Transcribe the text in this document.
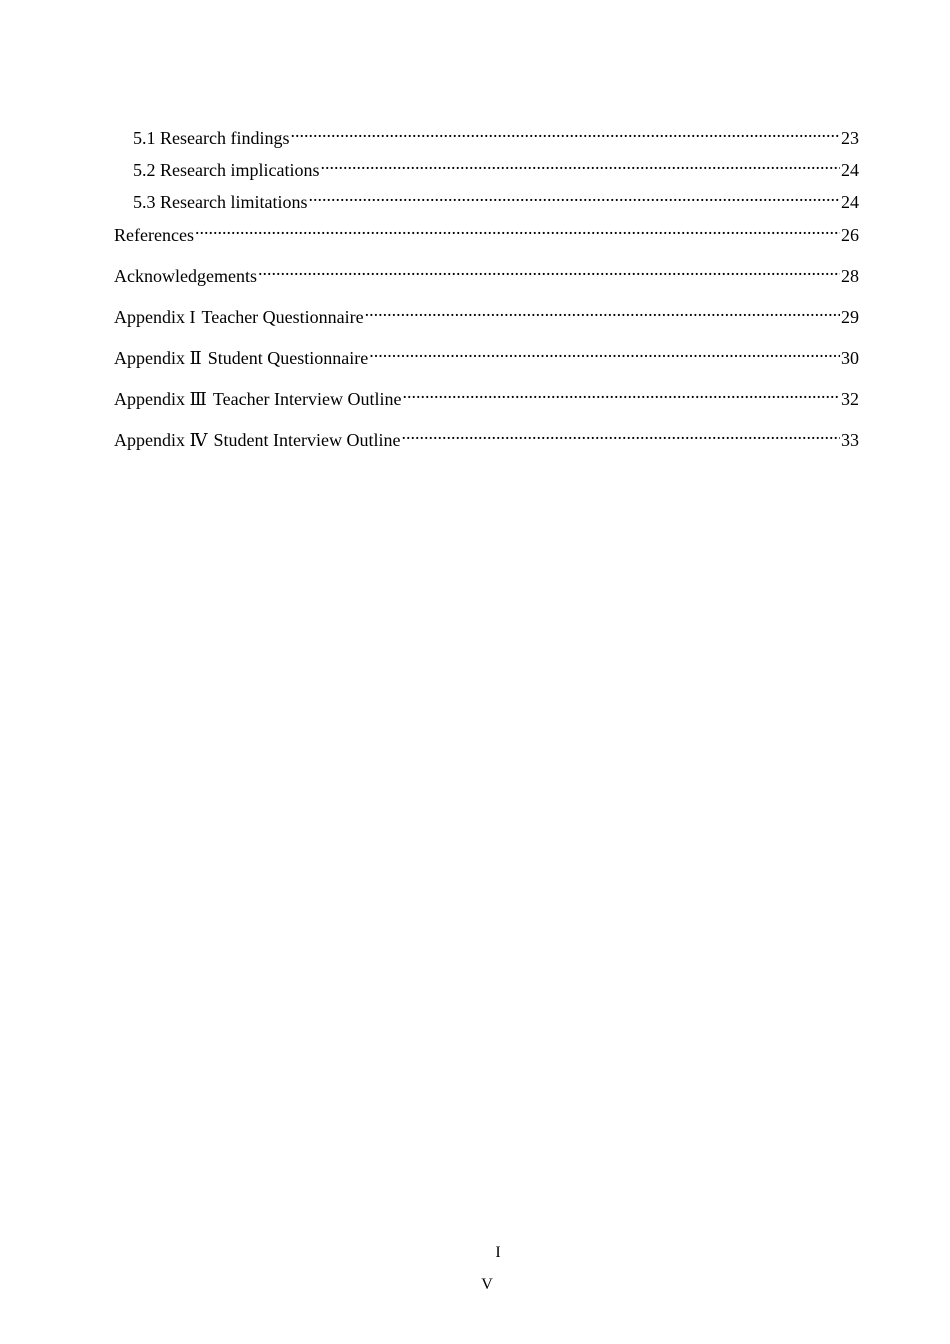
5.1 Research findings .....	23
5.2 Research implications .....	24
5.3 Research limitations .....	24
References .....	26
Acknowledgements .....	28
Appendix I Teacher Questionnaire .....	29
Appendix Ⅱ Student Questionnaire .....	30
Appendix Ⅲ Teacher Interview Outline .....	32
Appendix Ⅳ Student Interview Outline .....	33
I
V
